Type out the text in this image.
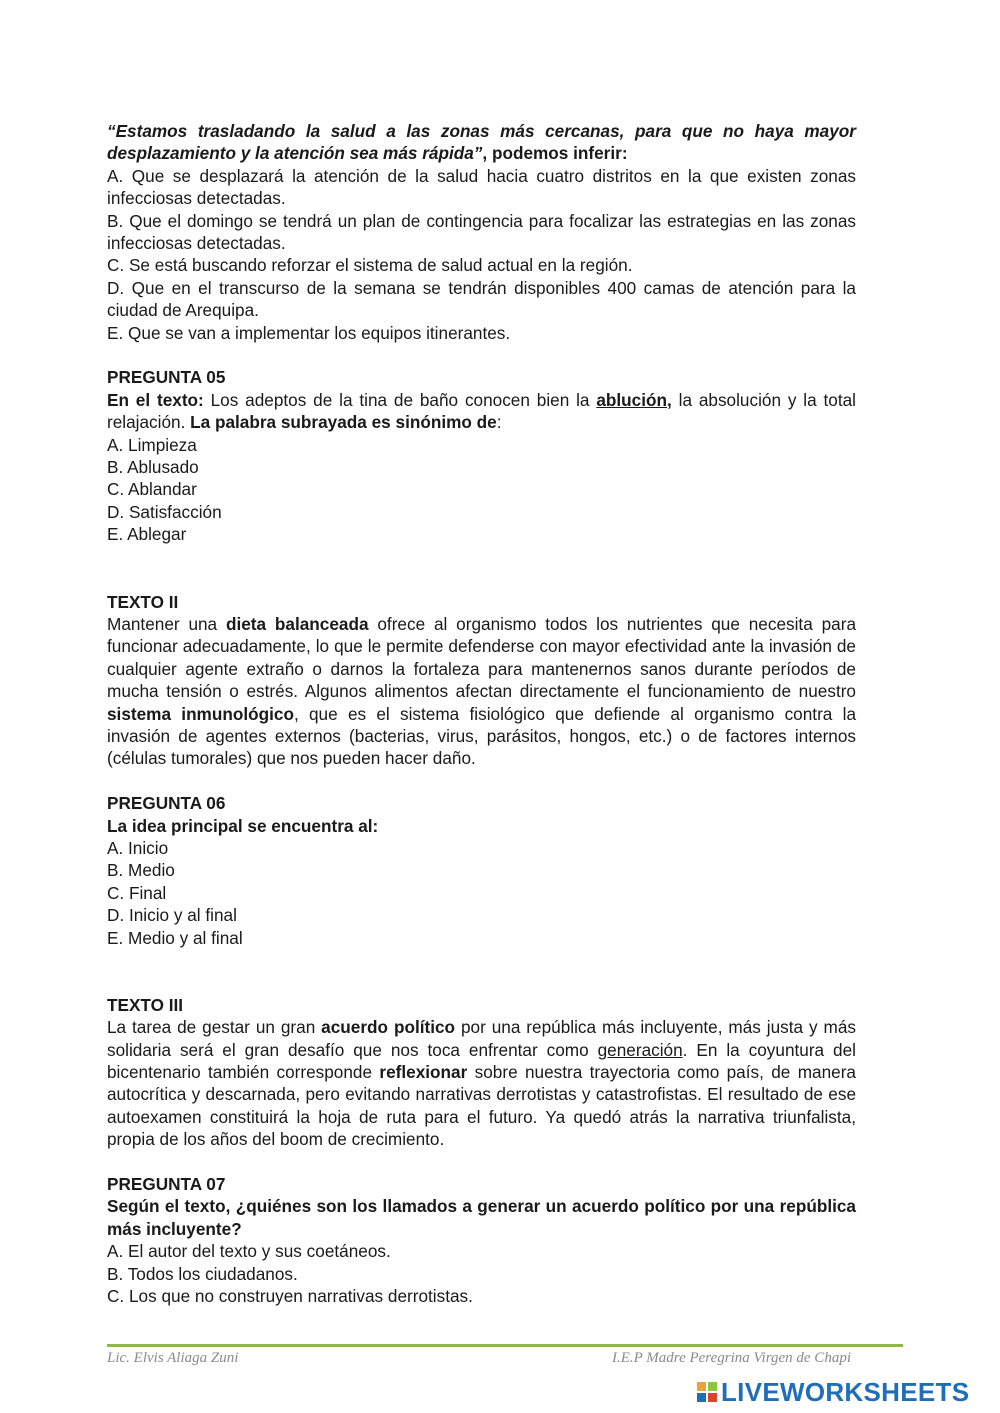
“Estamos trasladando la salud a las zonas más cercanas, para que no haya mayor desplazamiento y la atención sea más rápida”, podemos inferir:

A. Que se desplazará la atención de la salud hacia cuatro distritos en la que existen zonas infecciosas detectadas.

B. Que el domingo se tendrá un plan de contingencia para focalizar las estrategias en las zonas infecciosas detectadas.

C. Se está buscando reforzar el sistema de salud actual en la región.

D. Que en el transcurso de la semana se tendrán disponibles 400 camas de atención para la ciudad de Arequipa.

E. Que se van a implementar los equipos itinerantes.

PREGUNTA 05

En el texto: Los adeptos de la tina de baño conocen bien la ablución, la absolución y la total relajación. La palabra subrayada es sinónimo de:

A. Limpieza

B. Ablusado

C. Ablandar

D. Satisfacción

E. Ablegar

TEXTO II

Mantener una dieta balanceada ofrece al organismo todos los nutrientes que necesita para funcionar adecuadamente, lo que le permite defenderse con mayor efectividad ante la invasión de cualquier agente extraño o darnos la fortaleza para mantenernos sanos durante períodos de mucha tensión o estrés. Algunos alimentos afectan directamente el funcionamiento de nuestro sistema inmunológico, que es el sistema fisiológico que defiende al organismo contra la invasión de agentes externos (bacterias, virus, parásitos, hongos, etc.) o de factores internos (células tumorales) que nos pueden hacer daño.

PREGUNTA 06

La idea principal se encuentra al:

A. Inicio

B. Medio

C. Final

D. Inicio y al final

E. Medio y al final

TEXTO III

La tarea de gestar un gran acuerdo político por una república más incluyente, más justa y más solidaria será el gran desafío que nos toca enfrentar como generación. En la coyuntura del bicentenario también corresponde reflexionar sobre nuestra trayectoria como país, de manera autocrítica y descarnada, pero evitando narrativas derrotistas y catastrofistas. El resultado de ese autoexamen constituirá la hoja de ruta para el futuro. Ya quedó atrás la narrativa triunfalista, propia de los años del boom de crecimiento.

PREGUNTA 07

Según el texto, ¿quiénes son los llamados a generar un acuerdo político por una república más incluyente?

A. El autor del texto y sus coetáneos.

B. Todos los ciudadanos.

C. Los que no construyen narrativas derrotistas.

Lic. Elvis Aliaga Zuni	I.E.P Madre Peregrina Virgen de Chapi
LIVEWORKSHEETS
